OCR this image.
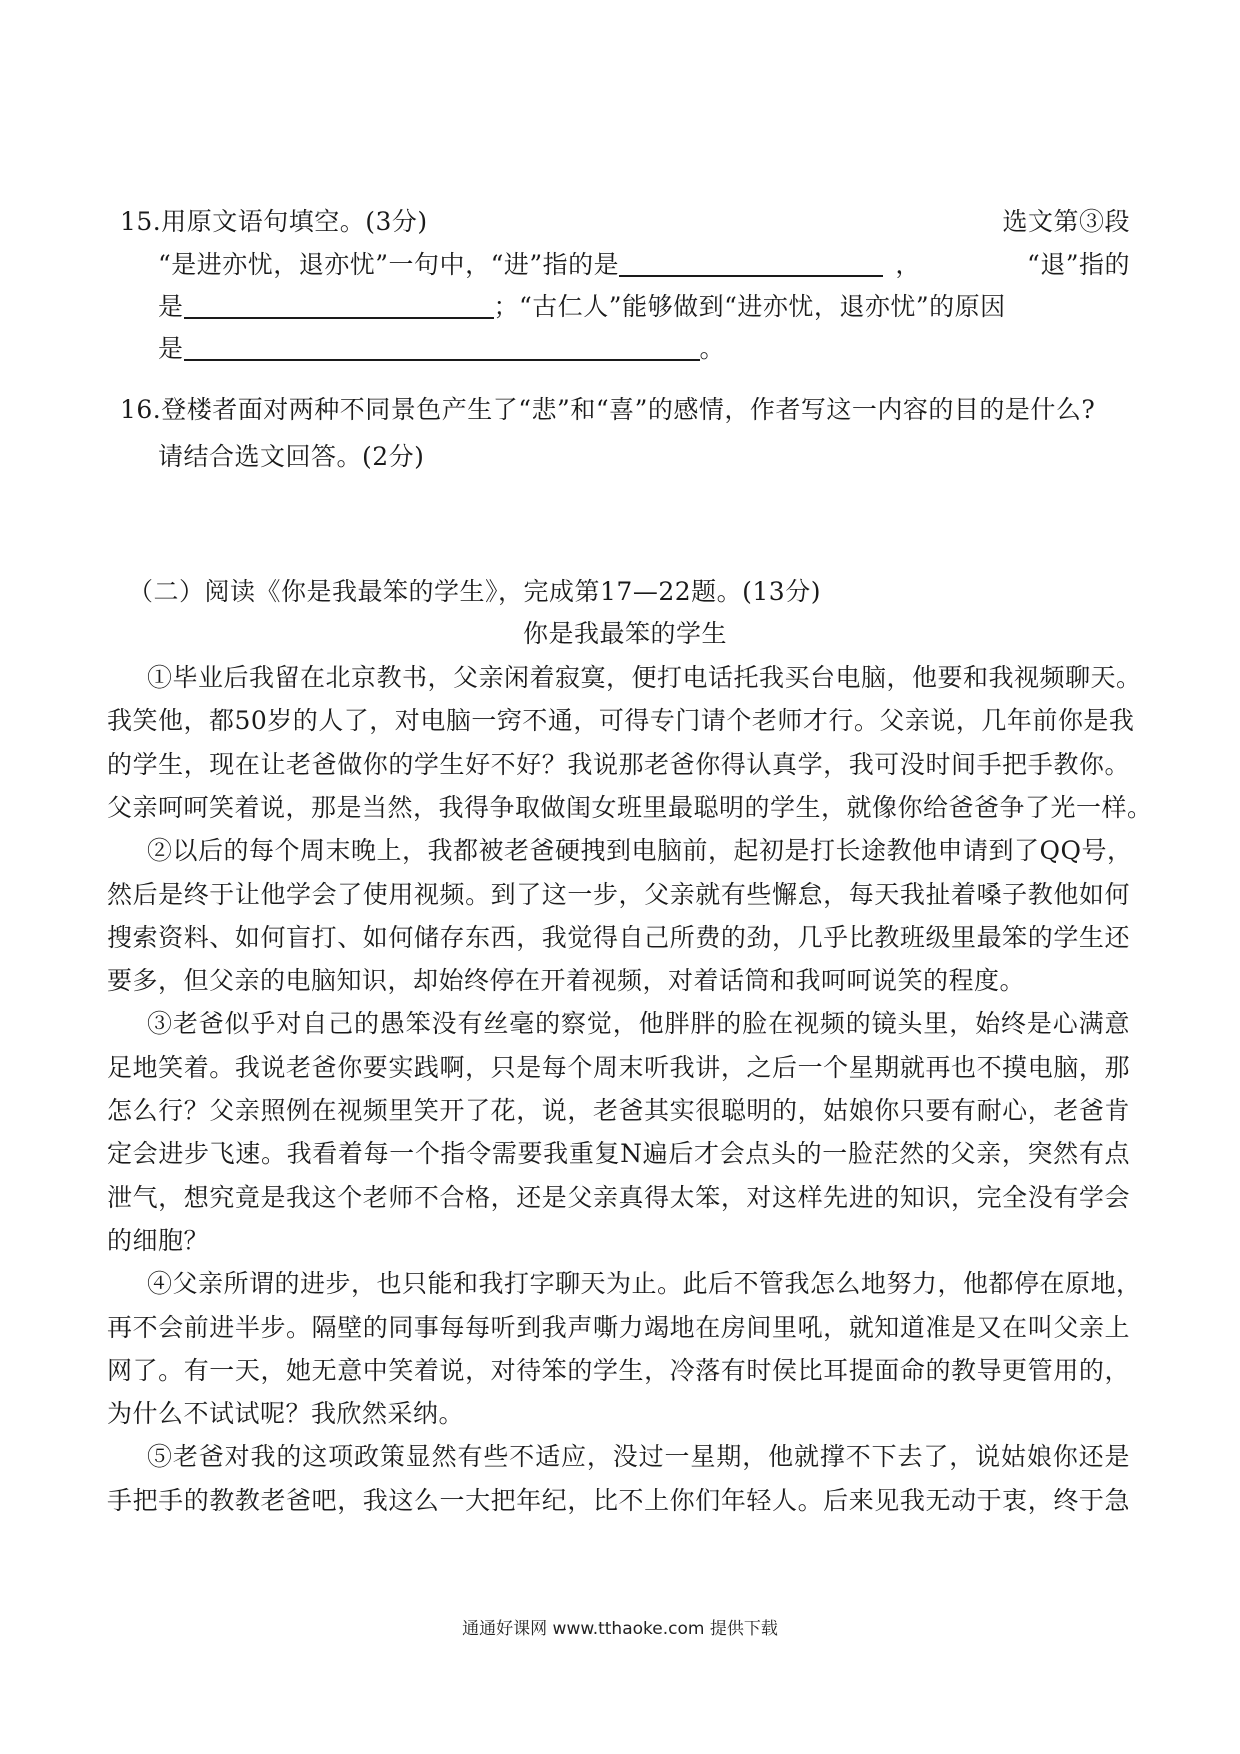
15.用原文语句填空。(3分)	选文第③段
“是进亦忧，退亦忧”一句中，“进”指的是	，	“退”指的
是	；“古仁人”能够做到“进亦忧，退亦忧”的原因
是	。
16.登楼者面对两种不同景色产生了“悲”和“喜”的感情，作者写这一内容的目的是什么?
请结合选文回答。(2分)
（二）阅读《你是我最笨的学生》，完成第17—22题。(13分)
你是我最笨的学生
①毕业后我留在北京教书，父亲闲着寂寞，便打电话托我买台电脑，他要和我视频聊天。
我笑他，都50岁的人了，对电脑一窍不通，可得专门请个老师才行。父亲说，几年前你是我
的学生，现在让老爸做你的学生好不好？我说那老爸你得认真学，我可没时间手把手教你。
父亲呵呵笑着说，那是当然，我得争取做闺女班里最聪明的学生，就像你给爸爸争了光一样。
②以后的每个周末晚上，我都被老爸硬拽到电脑前，起初是打长途教他申请到了QQ号，
然后是终于让他学会了使用视频。到了这一步，父亲就有些懈怠，每天我扯着嗓子教他如何
搜索资料、如何盲打、如何储存东西，我觉得自己所费的劲，几乎比教班级里最笨的学生还
要多，但父亲的电脑知识，却始终停在开着视频，对着话筒和我呵呵说笑的程度。
③老爸似乎对自己的愚笨没有丝毫的察觉，他胖胖的脸在视频的镜头里，始终是心满意
足地笑着。我说老爸你要实践啊，只是每个周末听我讲，之后一个星期就再也不摸电脑，那
怎么行？父亲照例在视频里笑开了花，说，老爸其实很聪明的，姑娘你只要有耐心，老爸肯
定会进步飞速。我看着每一个指令需要我重复N遍后才会点头的一脸茫然的父亲，突然有点
泄气，想究竟是我这个老师不合格，还是父亲真得太笨，对这样先进的知识，完全没有学会
的细胞？
④父亲所谓的进步，也只能和我打字聊天为止。此后不管我怎么地努力，他都停在原地，
再不会前进半步。隔壁的同事每每听到我声嘶力竭地在房间里吼，就知道准是又在叫父亲上
网了。有一天，她无意中笑着说，对待笨的学生，冷落有时侯比耳提面命的教导更管用的，
为什么不试试呢？我欣然采纳。
⑤老爸对我的这项政策显然有些不适应，没过一星期，他就撑不下去了，说姑娘你还是
手把手的教教老爸吧，我这么一大把年纪，比不上你们年轻人。后来见我无动于衷，终于急
通通好课网 www.tthaoke.com 提供下载
